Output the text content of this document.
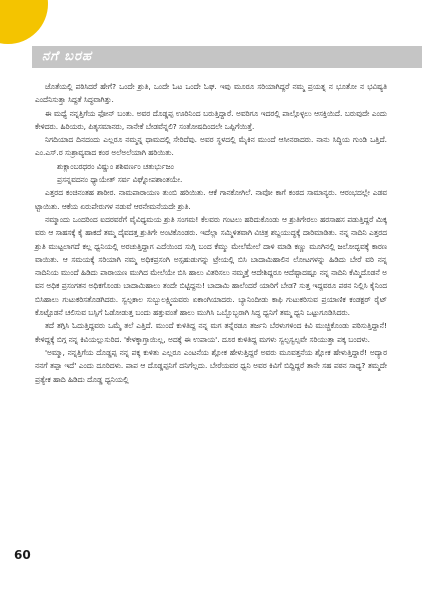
ನಗೆ ಬರಹ

ಜೊತೆಯಲ್ಲಿ ಪಠಿಸಿದರೆ ಹೇಗೆ? ಒಂದೇ ಶ್ರುತಿ, ಒಂದೇ ಓಟ ಒಂದೇ ಓಘ. ಇವು ಮೂರೂ ಸರಿಯಾಗಿದ್ದರೆ ನಮ್ಮ ಪ್ರಯತ್ನ ನ ಭೂತೋ ನ ಭವಿಷ್ಯತಿ ಎಂದೆನಿಸುತ್ತಾ ಸಿದ್ದತೆ ಸಿದ್ಧವಾಗಿತ್ತು.

ಈ ಮಧ್ಯೆ ನನ್ನತ್ತಿಗೆಯ ಫೋನ್ ಬಂತು. ಅವರ ದೊಡ್ಡಪ್ಪ ಊರಿನಿಂದ ಬರುತ್ತಿದ್ದಾರೆ. ಅವರಿಗೂ ಇದರಲ್ಲಿ ಪಾಲ್ಗೊಳ್ಳಲು ಆಸಕ್ತಿಯಿದೆ. ಬರುವುದೇ ಎಂದು ಕೇಳಿದರು. ಹಿರಿಯರು, ಪಿತೃಸಮಾನರು, ನಾನೇಕೆ ಬೇಡವೆನ್ನಲಿ? ಸಂತೋಷದಿಂದಲೇ ಒಪ್ಪಿಗೆಯಿತ್ತೆ.

ನಿಗದಿಯಾದ ದಿನದಂದು ಎಲ್ಲರೂ ನಮ್ಮನ್ನ ಧಾಮದಲ್ಲಿ ಸೇರಿದೆವು. ಅವರ ಸ್ಥಳದಲ್ಲಿ ಮೈಕಿನ ಮುಂದೆ ಆಸೀನರಾದರು. ನಾನು ಸಿದ್ಧಿಯ ಗುಂಡಿ ಒತ್ತಿದೆ. ಎಂ.ಎಸ್.ರ ಸುಶ್ರಾವ್ಯವಾದ ಕಂಠ ಅಲೆಅಲೆಯಾಗಿ ಹರಿಯಿತು.

ಶುಕ್ಲಾಂಬರಧರಂ ವಿಷ್ಣುಂ ಶಶಿವರ್ಣಂ ಚತುರ್ಭುಜಂ

ಪ್ರಸನ್ನವದನಂ ಧ್ಯಾಯೇತ್ ಸರ್ವ ವಿಘ್ನೋಪಶಾಂತಯೇ.

ಎತ್ತರದ ಕಂಚಿನಂತಹ ಶಾರೀರ. ನಾಮಪಾರಾಯಣ ತುಂಬಿ ಹರಿಯಿತು. ಆಕೆ ಗಾನಕೋಗಿಲೆ. ನಾವೋ ಕಾಗೆ ಕಂಠದ ಸಾಮಾನ್ಯರು. ಆರಂಭದಲ್ಲೇ ಎಡವಟ್ಟಾಯಿತು. ಆಕೆಯ ಏರುಪೇರುಗಳ ನಡುವೆ ಆರನೇಮನೆಯದೇ ಶ್ರುತಿ.

ನಮ್ಮಾಂದು ಒಂದರಿಂದ ಐದರವರೆಗೆ ವೈವಿಧ್ಯಮಯ ಶ್ರುತಿ ಸಂಗಮ! ಕೆಲವರು ಗಂಟಲು ಹರಿದುಕೊಂಡು ಆ ಶ್ರುತಿಗೇರಲು ಹರಸಾಹಸ ಪಡುತ್ತಿದ್ದರೆ ಮಿಕ್ಕವರು ಆ ಸಾಹಸಕ್ಕೆ ಕೈ ಹಾಕದೆ ತಮ್ಮ ದೈವದತ್ತ ಶ್ರುತಿಗೇ ಅಂಟಿಕೊಂಡರು. ಇದೆಲ್ಲಾ ಸಮ್ಮಿಳಿತವಾಗಿ ವಿಚಿತ್ರ ಶಬ್ದಯುದ್ಧಕ್ಕೆ ದಾರಿಮಾಡಿತು. ನನ್ನ ನಾದಿನಿ ಎತ್ತರದ ಶ್ರುತಿ ಮುಟ್ಟಲಾಗದೆ ಕಲ್ಲ ಧ್ವನಿಯಲ್ಲಿ ಅರಚುತ್ತಿದ್ದಾಗ ಎದೆಯಿಂದ ಸುಗ್ಗಿ ಬಂದ ಕೆಮ್ಮು ಮೇಲೆಮೇಲೆ ದಾಳಿ ಮಾಡಿ ಕಣ್ಣು ಮೂಗಿನಲ್ಲಿ ಜಲೋದ್ಭವಕ್ಕೆ ಕಾರಣವಾಯಿತು. ಆ ಸಮಯಕ್ಕೆ ಸರಿಯಾಗಿ ನಮ್ಮ ಅಧಿಕಪ್ರಸಂಗಿ ಅಸ್ಸಹುಡುಗನ್ನು ಟ್ರೇಯಲ್ಲಿ ಬಿಸಿ ಬಾದಾಮಿಹಾಲಿನ ಲೋಟಗಳನ್ನು ಹಿಡಿದು ಬೇರೆ ವರಿ ನನ್ನ ನಾದಿನಿಯ ಮುಂದೆ ಹಿಡಿದು ಪಾರಾಯಣ ಮುಗಿದ ಮೇಲೆಯೇ ಬಿಸಿ ಹಾಲು ವಿತರಿಸಲು ನಮ್ಮತ್ತೆ ಆದೇಶಿದ್ದರೂ ಆದೆಷ್ಟಾದಷ್ಟೂ ನನ್ನ ನಾದಿನಿ ಕೆಮ್ಮಿದೊಡನೆ ಅವನ ಅಧಿಕ ಪ್ರಸಂಗತನ ಅಧಿಕಗೊಂಡು ಬಾದಾಮಿಹಾಲು ತಂದೇ ಬಿಟ್ಟಿದ್ದನು! ಬಾದಾಮಿ ಹಾಲೆಂದರೆ ಯಾರಿಗೆ ಬೇಡ? ಸುತ್ತ ಇದ್ದವರೂ ಪಠನ ನಿಲ್ಲಿಸಿ ಕೈನಿಂದ ಬಿಸಿಹಾಲು ಗುಟುಕರಿಸತೊಡಗಿದರು. ಸ್ವಲ್ಪಕಾಲ ಸುಬ್ಬುಲಕ್ಷ್ಮಿಯವರು ಏಕಾಂಗಿಯಾದರು. ಬ್ಯಾನಿಂದೀಡು ಕಾಫಿ ಗುಟುಕರಿಸುವ ಪ್ರಯಾಣಿಕ ಕಂಡಕ್ಟರ್ ರೈಟ್ ಕೊಟ್ಟೊಡನೆ ಚಲಿಸುವ ಬಸ್ಸಿಗೆ ಓಡೋಡುತ್ತ ಬಂದು ಹತ್ತುವಂತೆ ಹಾಲು ಮುಗಿಸಿ ಒಬ್ಬೊಬ್ಬರಾಗಿ ಸಿದ್ಧ ಧ್ವನಿಗೆ ತಮ್ಮ ಧ್ವನಿ ಒಟ್ಟುಗೂಡಿಸಿದರು.

ತದೆ ತಗ್ಗಿಸಿ ಓದುತ್ತಿದ್ದವರು ಒಮ್ಮೆ ತಲೆ ಎತ್ತಿದೆ. ಮುಂದೆ ಕುಳಿತಿದ್ದ ನನ್ನ ಮಗ ತನ್ನೆರಡೂ ತರ್ಜನಿ ಬೆರಳುಗಳಿಂದ ಕಿವಿ ಮುಚ್ಚಿಕೊಂಡು ಪಠಿಸುತ್ತಿದ್ದಾನೆ! ಕೇಳಿದ್ದಕ್ಕೆ ಬಿಗ್ಗ ನನ್ನ ಕಿವಿಯಲ್ಲುಸುರಿದ. 'ಕೇಳಕ್ಕಾಗ್ತಾಯಿಲ್ಲ, ಅದಕ್ಕೆ ಈ ಉಪಾಯ'. ದೂರ ಕುಳಿತಿದ್ದ ಮಗಳು ಸ್ವಲ್ಪಸ್ವಲ್ಪವೇ ಸರಿಯುತ್ತಾ ಪಕ್ಕ ಬಂದಳು.

'ಅಮ್ಮಾ, ನನ್ನತ್ತಿಗೆಯ ದೊಡ್ಡಪ್ಪ ನನ್ನ ಪಕ್ಕ ಕುಳಿತು ಎಲ್ಲರೂ ಎಂಟನೆಯ ಶ್ಲೋಕ ಹೇಳುತ್ತಿದ್ದರೆ ಅವರು ಮೂವತ್ತನೆಯ ಶ್ಲೋಕ ಹೇಳುತ್ತಿದ್ದಾರೆ! ಅದ್ಯಾರ ನನಗೆ ತಪ್ಪಾ ಇದೆ' ಎಂದು ದೂರಿದಳು. ಪಾಪ ಆ ದೊಡ್ಡಪ್ಪನಿಗೆ ದನಿಗೆಲ್ಲದು. ಬೇರೆಯವರ ಧ್ವನಿ ಅವರ ಕಿವಿಗೆ ಬಿದ್ದಿದ್ದರೆ ತಾನೇ ಸಹ ಪಠನ ಸಾಧ್ಯ? ತಮ್ಮದೇ ಪ್ರತ್ಯೇಕ ಹಾದಿ ಹಿಡಿದು ದೊಡ್ಡ ಧ್ವನಿಯಲ್ಲಿ

60
